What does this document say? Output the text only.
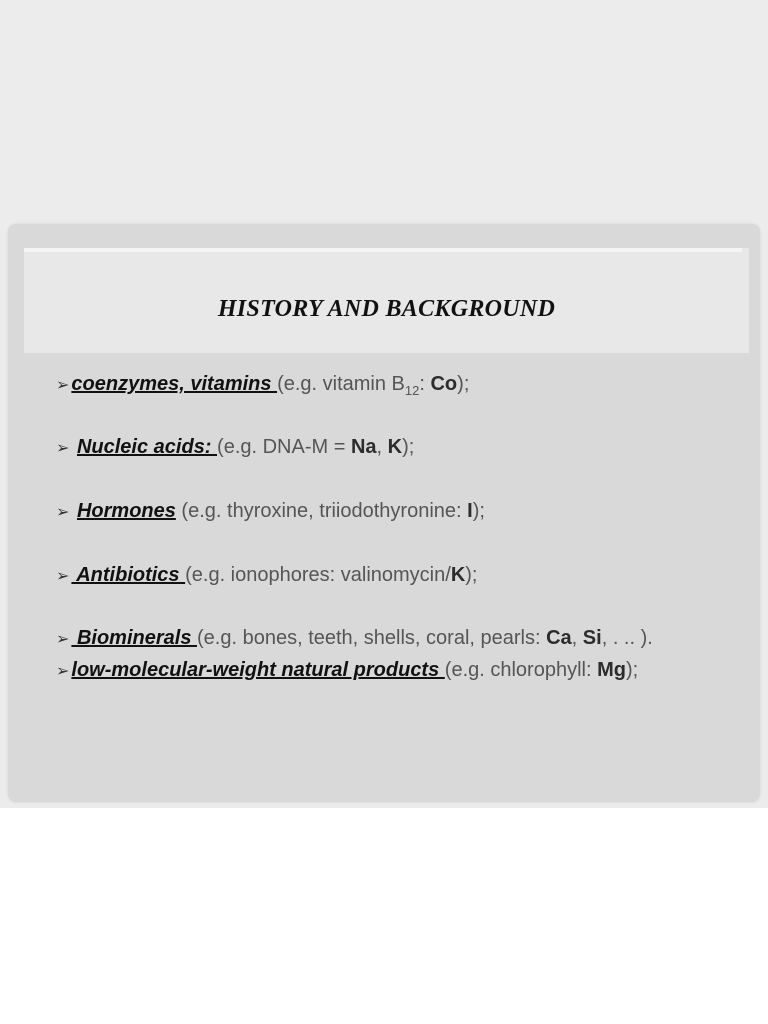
HISTORY AND BACKGROUND
➢ coenzymes, vitamins (e.g. vitamin $B_{12}$: Co);
➢ Nucleic acids: (e.g. DNA-M = Na, K);
➢ Hormones (e.g. thyroxine, triiodothyronine: I);
➢ Antibiotics (e.g. ionophores: valinomycin/K);
➢ Biominerals (e.g. bones, teeth, shells, coral, pearls: Ca, Si, . .. ).
➢ low-molecular-weight natural products (e.g. chlorophyll: Mg);
